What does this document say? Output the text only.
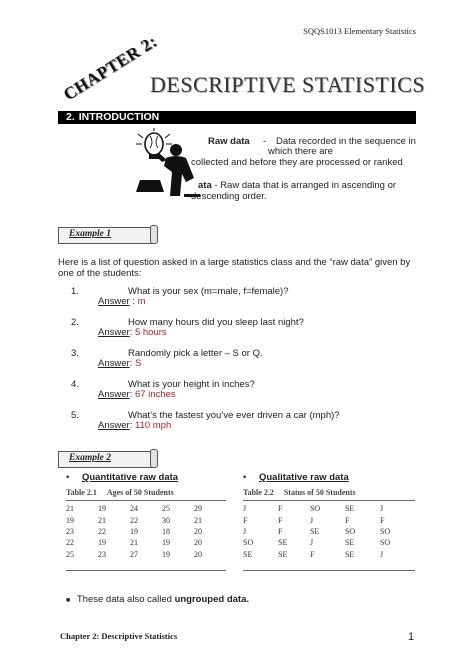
SQQS1013 Elementary Statistics
CHAPTER 2:
DESCRIPTIVE STATISTICS
2. INTRODUCTION
Raw data - Data recorded in the sequence in
which there are
collected and before they are processed or ranked
ata - Raw data that is arranged in ascending or
descending order.
Example 1
Here is a list of question asked in a large statistics class and the “raw data” given by one of the students:
1.	What is your sex (m=male, f=female)?
Answer : m
2.	How many hours did you sleep last night?
Answer: 5 hours
3.	Randomly pick a letter – S or Q.
Answer: S
4.	What is your height in inches?
Answer: 67 inches
5.	What’s the fastest you’ve ever driven a car (mph)?
Answer: 110 mph
Example 2
• Quantitative raw data	• Qualitative raw data
Table 2.1 Ages of 50 Students
21	19	24	25	29
19	21	22	30	21
23	22	19	18	20
22	19	21	19	20
25	23	27	19	20
Table 2.2 Status of 50 Students
J	F	SO	SE	J
F	F	J	F	F
J	F	SE	SO	SO
SO	SE	J	SE	SO
SE	SE	F	SE	J
■ These data also called ungrouped data.
Chapter 2: Descriptive Statistics	1
